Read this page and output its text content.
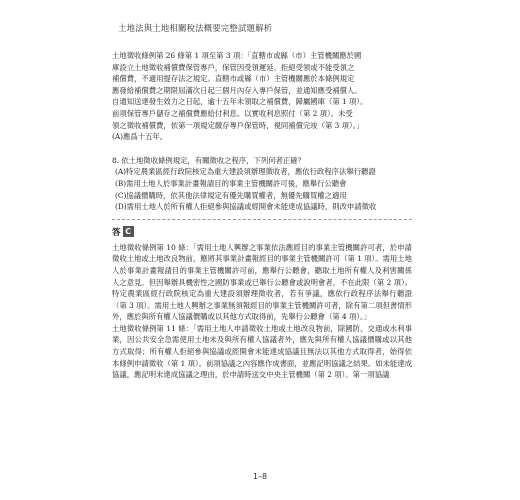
土地法與土地相關稅法概要完整試題解析

土地徵收條例第 26 條第 1 項至第 3 項：「直轄市或縣（市）主管機關應於國

庫設立土地徵收補償費保管專戶，保管因受領遲延、拒絕受領或不能受領之

補償費，不適用提存法之規定。直轄市或縣（市）主管機關應於本條例規定

應發給補償費之期限屆滿次日起三個月內存入專戶保管，並通知應受補償人。

自通知送達發生效力之日起，逾十五年未領取之補償費，歸屬國庫（第 1 項）。

前項保管專戶儲存之補償費應給付利息。以實收利息照付（第 2 項）。未受

領之徵收補償費，依第一項規定繳存專戶保管時，視同補償完竣（第 3 項）。」

(A)應爲十五年。

8. 依土地徵收條例規定，有關徵收之程序，下列何者正確？
(A)特定農業區經行政院核定為重大建設須辦理徵收者，應依行政程序法舉行聽證
(B)需用土地人於事業計畫報請目的事業主管機關許可後，應舉行公聽會
(C)協議價購時，依其他法律規定有優先購買權者，無優先購買權之適用
(D)需用土地人於所有權人拒絕參與協議或經開會未能達成協議時，則改申請徵收
答 C

土地徵收條例第 10 條：「需用土地人興辦之事業依法應經目的事業主管機關許可者，於申請徵收土地或土地改良物前，應將其事業計畫報經目的事業主管機關許可（第 1 項）。需用土地人於事業計畫報請目的事業主管機關許可前，應舉行公聽會，聽取土地所有權人及利害關係人之意見。但因舉辦具機密性之國防事業或已舉行公聽會或說明會者，不在此限（第 2 項）。特定農業區經行政院核定為重大建設須辦理徵收者，若有爭議，應依行政程序法舉行聽證（第 3 項）。需用土地人興辦之事業無須報經目的事業主管機關許可者，除有第二項但書情形外，應於與所有權人協議價購或以其他方式取得前，先舉行公聽會（第 4 項）。」

土地徵收條例第 11 條：「需用土地人申請徵收土地或土地改良物前，除國防、交通或水利事業，因公共安全急需使用土地未及與所有權人協議者外，應先與所有權人協議價購或以其他方式取得；所有權人拒絕參與協議或經開會未能達成協議且無法以其他方式取得者，始得依本條例申請徵收（第 1 項）。前項協議之內容應作成書面，並應記明協議之結果。如未能達成協議，應記明未達成協議之理由，於申請時送交中央主管機關（第 2 項）。第一項協議

1–8
